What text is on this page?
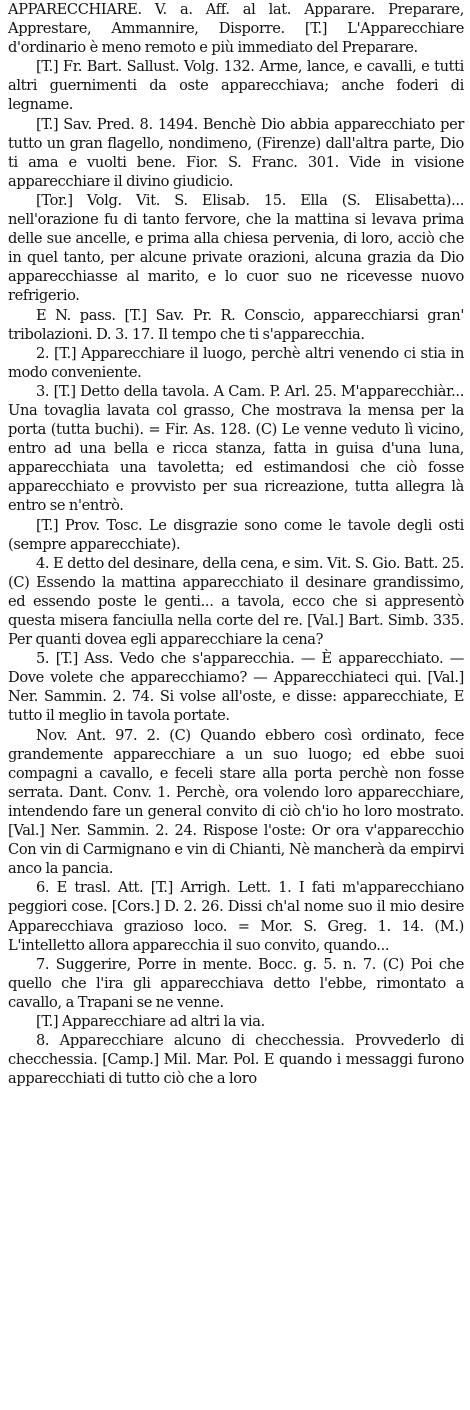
APPARECCHIARE. V. a. Aff. al lat. Apparare. Preparare, Apprestare, Ammannire, Disporre. [T.] L'Apparecchiare d'ordinario è meno remoto e più immediato del Preparare.

[T.] Fr. Bart. Sallust. Volg. 132. Arme, lance, e cavalli, e tutti altri guernimenti da oste apparecchiava; anche foderi di legname.

[T.] Sav. Pred. 8. 1494. Benchè Dio abbia apparecchiato per tutto un gran flagello, nondimeno, (Firenze) dall'altra parte, Dio ti ama e vuolti bene. Fior. S. Franc. 301. Vide in visione apparecchiare il divino giudicio.

[Tor.] Volg. Vit. S. Elisab. 15. Ella (S. Elisabetta)... nell'orazione fu di tanto fervore, che la mattina si levava prima delle sue ancelle, e prima alla chiesa pervenia, di loro, acciò che in quel tanto, per alcune private orazioni, alcuna grazia da Dio apparecchiasse al marito, e lo cuor suo ne ricevesse nuovo refrigerio.

E N. pass. [T.] Sav. Pr. R. Conscio, apparecchiarsi gran' tribolazioni. D. 3. 17. Il tempo che ti s'apparecchia.

2. [T.] Apparecchiare il luogo, perchè altri venendo ci stia in modo conveniente.

3. [T.] Detto della tavola. A Cam. P. Arl. 25. M'apparecchiàr... Una tovaglia lavata col grasso, Che mostrava la mensa per la porta (tutta buchi). = Fir. As. 128. (C) Le venne veduto lì vicino, entro ad una bella e ricca stanza, fatta in guisa d'una luna, apparecchiata una tavoletta; ed estimandosi che ciò fosse apparecchiato e provvisto per sua ricreazione, tutta allegra là entro se n'entrò.

[T.] Prov. Tosc. Le disgrazie sono come le tavole degli osti (sempre apparecchiate).

4. E detto del desinare, della cena, e sim. Vit. S. Gio. Batt. 25. (C) Essendo la mattina apparecchiato il desinare grandissimo, ed essendo poste le genti... a tavola, ecco che si appresentò questa misera fanciulla nella corte del re. [Val.] Bart. Simb. 335. Per quanti dovea egli apparecchiare la cena?

5. [T.] Ass. Vedo che s'apparecchia. — È apparecchiato. — Dove volete che apparecchiamo? — Apparecchiateci qui. [Val.] Ner. Sammin. 2. 74. Si volse all'oste, e disse: apparecchiate, E tutto il meglio in tavola portate.

Nov. Ant. 97. 2. (C) Quando ebbero così ordinato, fece grandemente apparecchiare a un suo luogo; ed ebbe suoi compagni a cavallo, e feceli stare alla porta perchè non fosse serrata. Dant. Conv. 1. Perchè, ora volendo loro apparecchiare, intendendo fare un general convito di ciò ch'io ho loro mostrato. [Val.] Ner. Sammin. 2. 24. Rispose l'oste: Or ora v'apparecchio Con vin di Carmignano e vin di Chianti, Nè mancherà da empirvi anco la pancia.

6. E trasl. Att. [T.] Arrigh. Lett. 1. I fati m'apparecchiano peggiori cose. [Cors.] D. 2. 26. Dissi ch'al nome suo il mio desire Apparecchiava grazioso loco. = Mor. S. Greg. 1. 14. (M.) L'intelletto allora apparecchia il suo convito, quando...

7. Suggerire, Porre in mente. Bocc. g. 5. n. 7. (C) Poi che quello che l'ira gli apparecchiava detto l'ebbe, rimontato a cavallo, a Trapani se ne venne.

[T.] Apparecchiare ad altri la via.

8. Apparecchiare alcuno di checchessia. Provvederlo di checchessia. [Camp.] Mil. Mar. Pol. E quando i messaggi furono apparecchiati di tutto ciò che a loro
